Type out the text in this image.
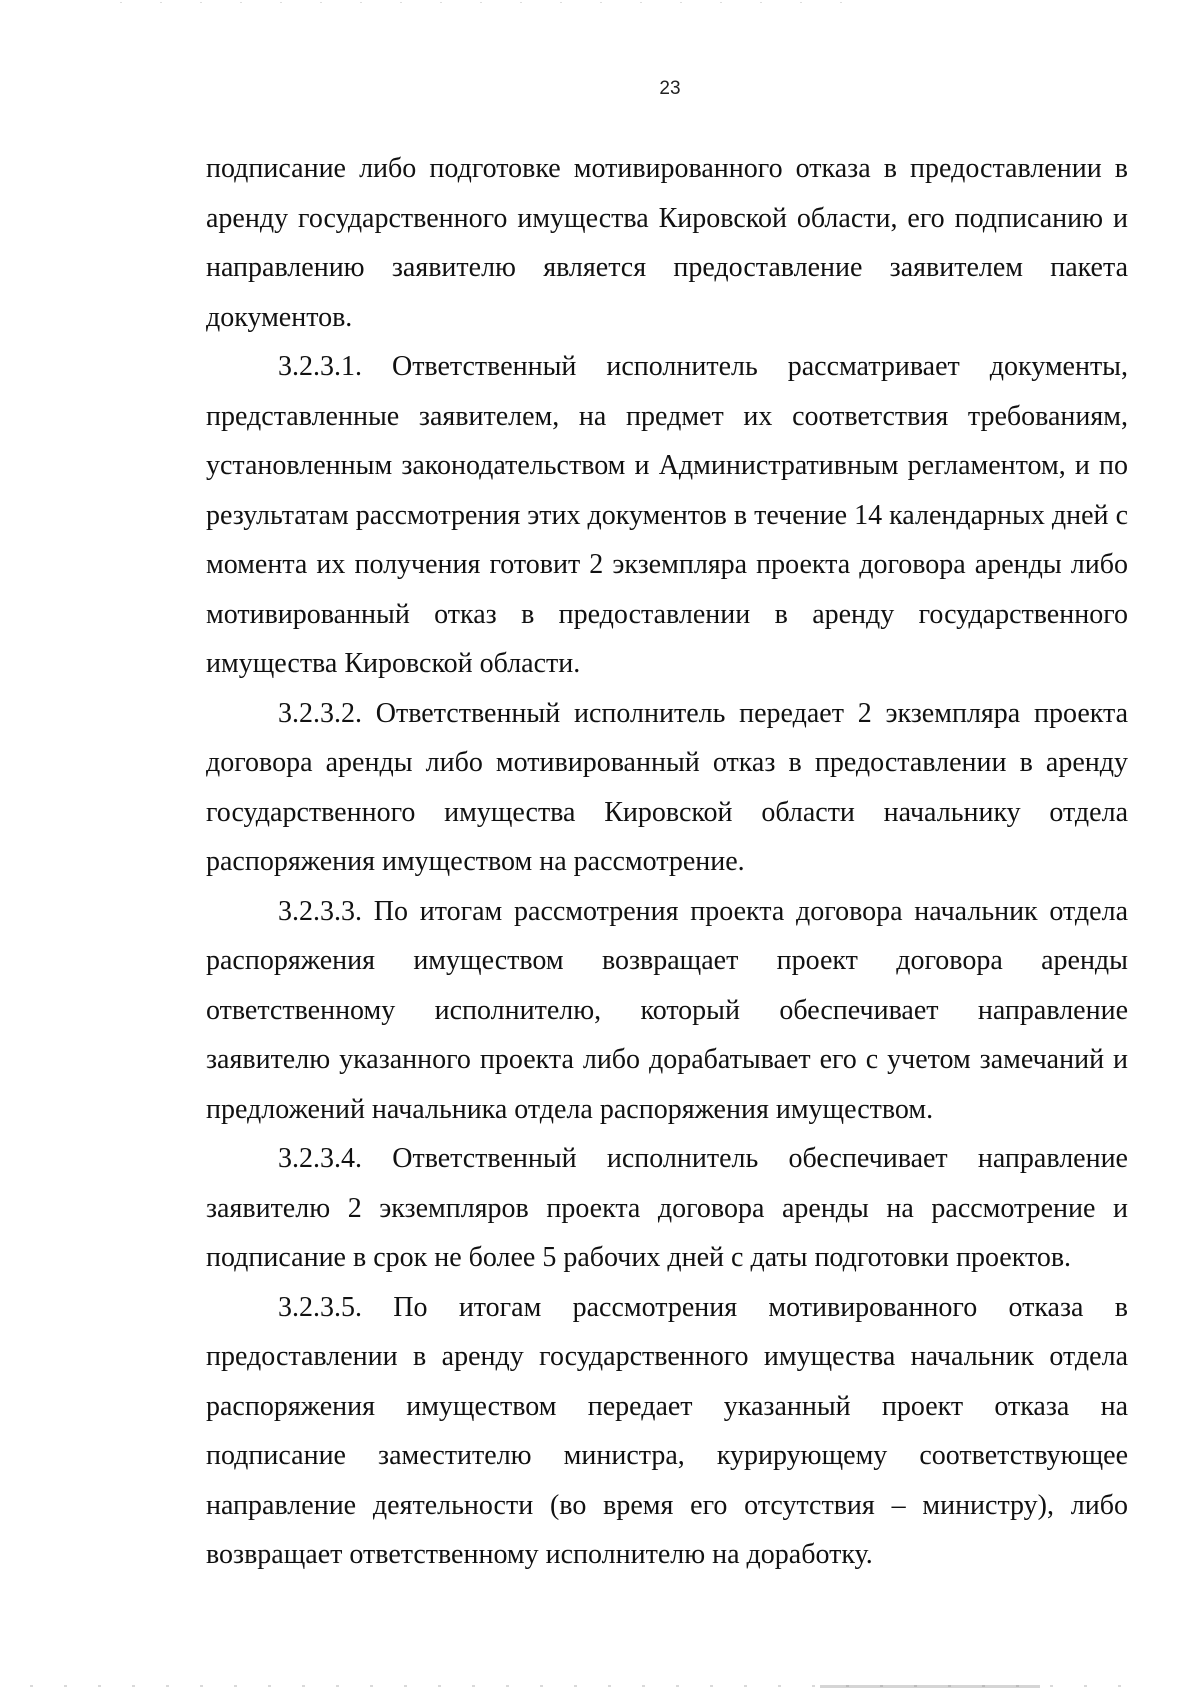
23

подписание либо подготовке мотивированного отказа в предоставлении в аренду государственного имущества Кировской области, его подписанию и направлению заявителю является предоставление заявителем пакета документов.

3.2.3.1. Ответственный исполнитель рассматривает документы, представленные заявителем, на предмет их соответствия требованиям, установленным законодательством и Административным регламентом, и по результатам рассмотрения этих документов в течение 14 календарных дней с момента их получения готовит 2 экземпляра проекта договора аренды либо мотивированный отказ в предоставлении в аренду государственного имущества Кировской области.

3.2.3.2. Ответственный исполнитель передает 2 экземпляра проекта договора аренды либо мотивированный отказ в предоставлении в аренду государственного имущества Кировской области начальнику отдела распоряжения имуществом на рассмотрение.

3.2.3.3. По итогам рассмотрения проекта договора начальник отдела распоряжения имуществом возвращает проект договора аренды ответственному исполнителю, который обеспечивает направление заявителю указанного проекта либо дорабатывает его с учетом замечаний и предложений начальника отдела распоряжения имуществом.

3.2.3.4. Ответственный исполнитель обеспечивает направление заявителю 2 экземпляров проекта договора аренды на рассмотрение и подписание в срок не более 5 рабочих дней с даты подготовки проектов.

3.2.3.5. По итогам рассмотрения мотивированного отказа в предоставлении в аренду государственного имущества начальник отдела распоряжения имуществом передает указанный проект отказа на подписание заместителю министра, курирующему соответствующее направление деятельности (во время его отсутствия – министру), либо возвращает ответственному исполнителю на доработку.
